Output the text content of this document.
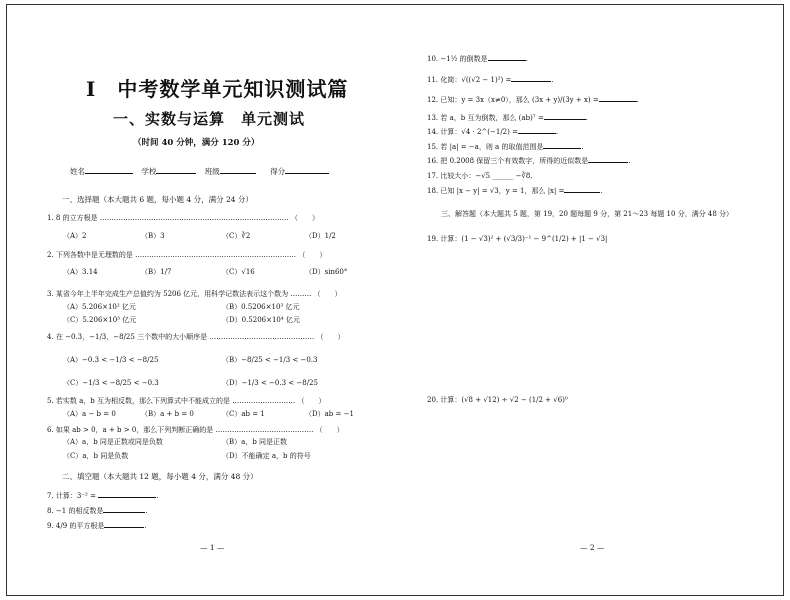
I　中考数学单元知识测试篇
一、实数与运算　单元测试
（时间 40 分钟，满分 120 分）
姓名	学校	班级	得分
一、选择题（本大题共 6 题，每小题 4 分，满分 24 分）
1. 8 的立方根是 ……………………………………………………………………… （　　）
（A）2	（B）3	（C）∛2	（D）1/2
2. 下列各数中是无理数的是 …………………………………………………………… （　　）
（A）3.14	（B）1/7	（C）√16	（D）sin60°
3. 某省今年上半年完成生产总值约为 5206 亿元，用科学记数法表示这个数为 ……… （　　）
（A）5.206×10² 亿元	（B）0.5206×10³ 亿元
（C）5.206×10³ 亿元	（D）0.5206×10⁴ 亿元
4. 在 −0.3，−1/3，−8/25 三个数中的大小顺序是 ……………………………………… （　　）
（A）−0.3 < −1/3 < −8/25	（B）−8/25 < −1/3 < −0.3
（C）−1/3 < −8/25 < −0.3	（D）−1/3 < −0.3 < −8/25
5. 若实数 a，b 互为相反数，那么下列算式中不能成立的是 ……………………… （　　）
（A）a − b = 0	（B）a + b = 0	（C）ab = 1	（D）ab = −1
6. 如果 ab > 0，a + b > 0，那么下列判断正确的是 …………………………………… （　　）
（A）a，b 同是正数或同是负数	（B）a，b 同是正数
（C）a，b 同是负数	（D）不能确定 a，b 的符号
二、填空题（本大题共 12 题，每小题 4 分，满分 48 分）
7. 计算：3⁻² =	.
8. −1 的相反数是	.
9. 4/9 的平方根是	.
— 1 —
10. −1½ 的倒数是	.
11. 化简：√((√2 − 1)²) =	.
12. 已知：y = 3x（x≠0），那么 (3x + y)/(3y + x) =	.
13. 若 a，b 互为倒数，那么 (ab)⁷ =	.
14. 计算：√4 · 2^(−1/2) =	.
15. 若 |a| = −a，则 a 的取值范围是	.
16. 把 0.2008 保留三个有效数字，所得的近似数是	.
17. 比较大小：−√5 ______ −∛8.
18. 已知 |x − y| = √3，y = 1，那么 |x| =	.
三、解答题（本大题共 5 题，第 19，20 题每题 9 分，第 21～23 每题 10 分，满分 48 分）
19. 计算：(1 − √3)² + (√3/3)⁻¹ − 9^(1/2) + |1 − √3|
20. 计算：(√8 + √12) ÷ √2 − (1/2 + √6)⁰
— 2 —
